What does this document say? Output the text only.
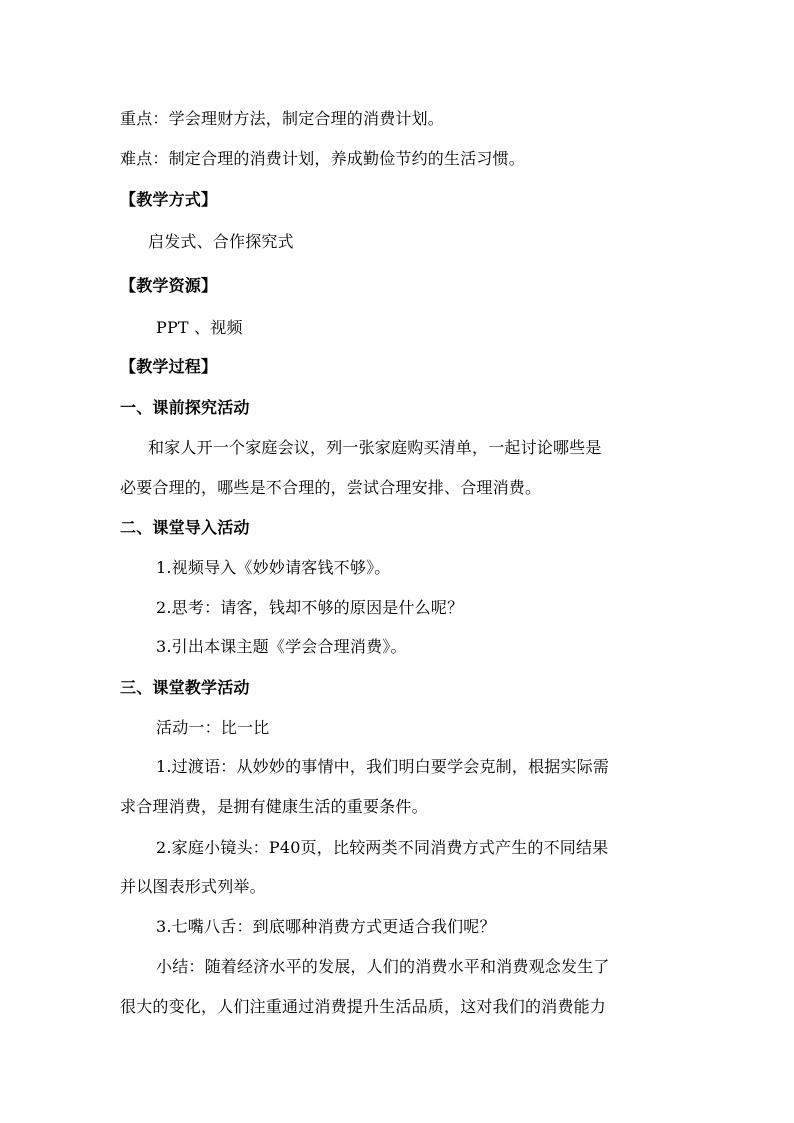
重点：学会理财方法，制定合理的消费计划。
难点：制定合理的消费计划，养成勤俭节约的生活习惯。
【教学方式】
启发式、合作探究式
【教学资源】
PPT 、视频
【教学过程】
一、课前探究活动
和家人开一个家庭会议，列一张家庭购买清单，一起讨论哪些是
必要合理的，哪些是不合理的，尝试合理安排、合理消费。
二、课堂导入活动
1.视频导入《妙妙请客钱不够》。
2.思考：请客，钱却不够的原因是什么呢？
3.引出本课主题《学会合理消费》。
三、课堂教学活动
活动一：比一比
1.过渡语：从妙妙的事情中，我们明白要学会克制，根据实际需
求合理消费，是拥有健康生活的重要条件。
2.家庭小镜头：P40页，比较两类不同消费方式产生的不同结果
并以图表形式列举。
3.七嘴八舌：到底哪种消费方式更适合我们呢？
小结：随着经济水平的发展，人们的消费水平和消费观念发生了
很大的变化，人们注重通过消费提升生活品质，这对我们的消费能力
